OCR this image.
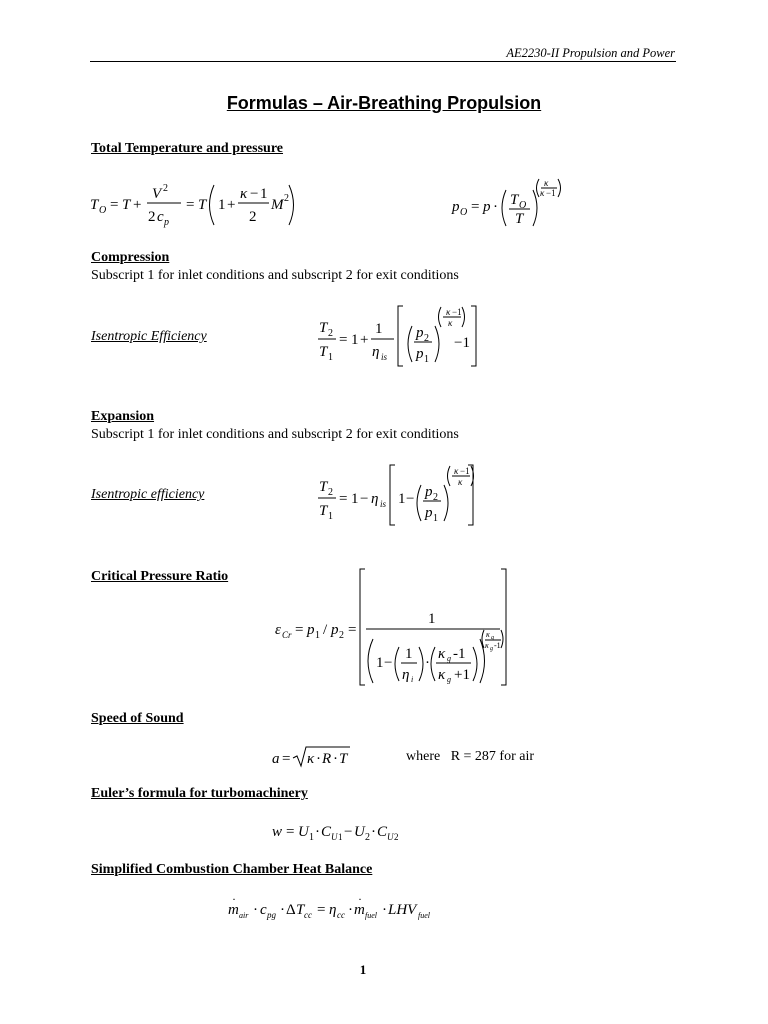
AE2230-II Propulsion and Power
Formulas – Air-Breathing Propulsion
Total Temperature and pressure
T O = T +
V 2
2 c p
= T 1 +
κ − 1
2
M 2
p O = p · T O
T
κ
κ −1
Compression
Subscript 1 for inlet conditions and subscript 2 for exit conditions
Isentropic Efficiency
T 2
T 1
= 1 +
1
η is
p 2
p 1
κ −1
κ
−1
Expansion
Subscript 1 for inlet conditions and subscript 2 for exit conditions
Isentropic efficiency	T 2
T 1
= 1 − η is 1 − p 2
p 1
κ −1
κ
Critical Pressure Ratio
ε Cr = p 1 / p 2 =
1
1 −
1
η i
·
κ g -1
κ g +1
κ g
κ g -1
Speed of Sound
a = κ · R · T	where   R = 287 for air
Euler’s formula for turbomachinery
w = U 1 · C U 1 − U 2 · C U 2
Simplified Combustion Chamber Heat Balance
m
·
air · c pg · Δ T cc = η cc · m
·
fuel · LHV fuel
1
